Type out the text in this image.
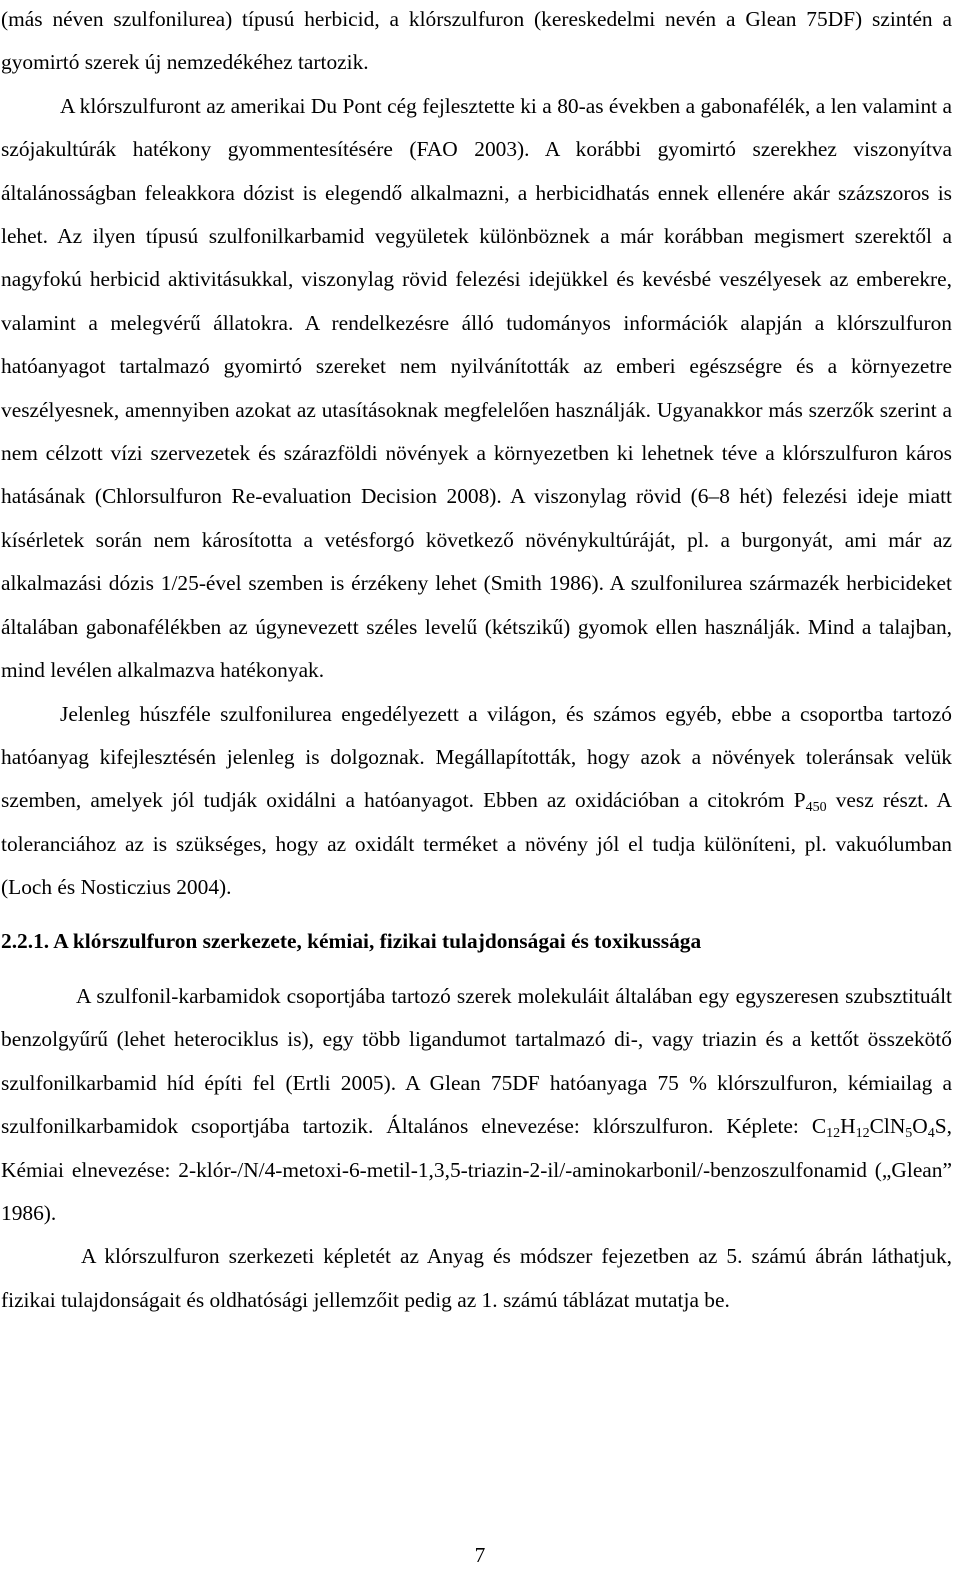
(más néven szulfonilurea) típusú herbicid, a klórszulfuron (kereskedelmi nevén a Glean 75DF) szintén a gyomirtó szerek új nemzedékéhez tartozik.

A klórszulfuront az amerikai Du Pont cég fejlesztette ki a 80-as években a gabonafélék, a len valamint a szójakultúrák hatékony gyommentesítésére (FAO 2003). A korábbi gyomirtó szerekhez viszonyítva általánosságban feleakkora dózist is elegendő alkalmazni, a herbicidhatás ennek ellenére akár százszoros is lehet. Az ilyen típusú szulfonilkarbamid vegyületek különböznek a már korábban megismert szerektől a nagyfokú herbicid aktivitásukkal, viszonylag rövid felezési idejükkel és kevésbé veszélyesek az emberekre, valamint a melegvérű állatokra. A rendelkezésre álló tudományos információk alapján a klórszulfuron hatóanyagot tartalmazó gyomirtó szereket nem nyilvánították az emberi egészségre és a környezetre veszélyesnek, amennyiben azokat az utasításoknak megfelelően használják. Ugyanakkor más szerzők szerint a nem célzott vízi szervezetek és szárazföldi növények a környezetben ki lehetnek téve a klórszulfuron káros hatásának (Chlorsulfuron Re-evaluation Decision 2008). A viszonylag rövid (6–8 hét) felezési ideje miatt kísérletek során nem károsította a vetésforgó következő növénykultúráját, pl. a burgonyát, ami már az alkalmazási dózis 1/25-ével szemben is érzékeny lehet (Smith 1986). A szulfonilurea származék herbicideket általában gabonafélékben az úgynevezett széles levelű (kétszikű) gyomok ellen használják. Mind a talajban, mind levélen alkalmazva hatékonyak.

Jelenleg húszféle szulfonilurea engedélyezett a világon, és számos egyéb, ebbe a csoportba tartozó hatóanyag kifejlesztésén jelenleg is dolgoznak. Megállapították, hogy azok a növények toleránsak velük szemben, amelyek jól tudják oxidálni a hatóanyagot. Ebben az oxidációban a citokróm $P_{450}$ vesz részt. A toleranciához az is szükséges, hogy az oxidált terméket a növény jól el tudja különíteni, pl. vakuólumban (Loch és Nosticzius 2004).

2.2.1. A klórszulfuron szerkezete, kémiai, fizikai tulajdonságai és toxikussága

A szulfonil-karbamidok csoportjába tartozó szerek molekuláit általában egy egyszeresen szubsztituált benzolgyűrű (lehet heterociklus is), egy több ligandumot tartalmazó di-, vagy triazin és a kettőt összekötő szulfonilkarbamid híd építi fel (Ertli 2005). A Glean 75DF hatóanyaga 75 % klórszulfuron, kémiailag a szulfonilkarbamidok csoportjába tartozik. Általános elnevezése: klórszulfuron. Képlete: $C_{12}H_{12}ClN_5O_4S$, Kémiai elnevezése: 2-klór-/N/4-metoxi-6-metil-1,3,5-triazin-2-il/-aminokarbonil/-benzoszulfonamid („Glean” 1986).

A klórszulfuron szerkezeti képletét az Anyag és módszer fejezetben az 5. számú ábrán láthatjuk, fizikai tulajdonságait és oldhatósági jellemzőit pedig az 1. számú táblázat mutatja be.

7
